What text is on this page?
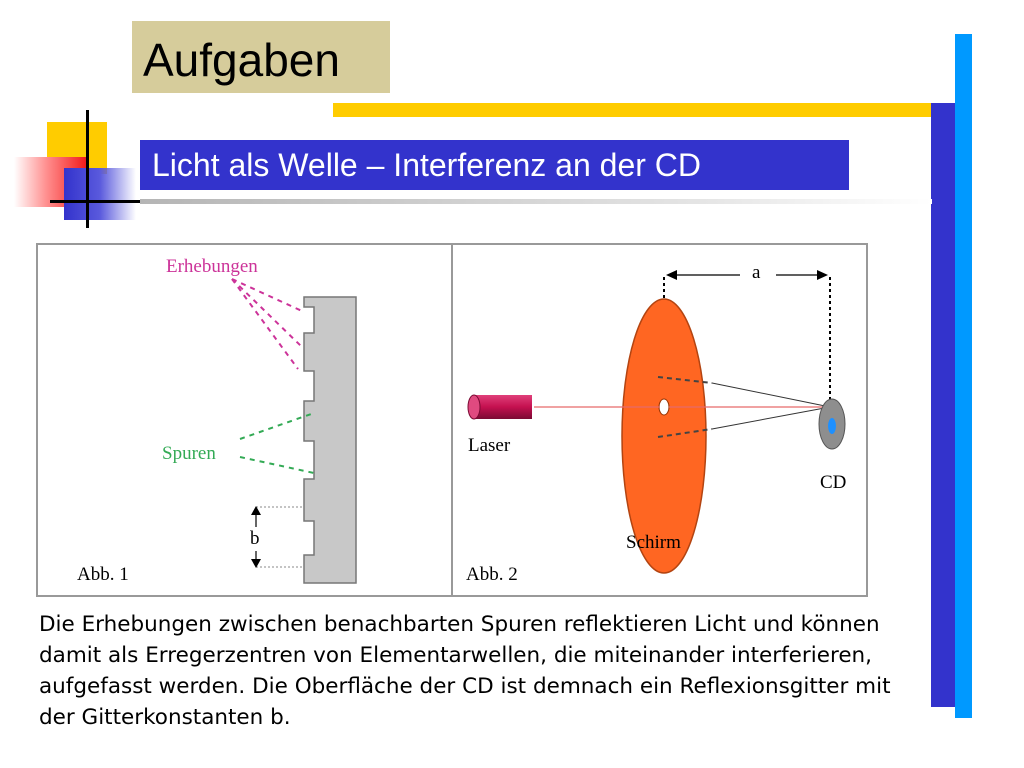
Aufgaben
Licht als Welle – Interferenz an der CD
Erhebungen
Spuren
b
Abb. 1
a
Laser
CD
Schirm
Abb. 2
Die Erhebungen zwischen benachbarten Spuren reflektieren Licht und können damit als Erregerzentren von Elementarwellen, die miteinander interferieren, aufgefasst werden. Die Oberfläche der CD ist demnach ein Reflexionsgitter mit der Gitterkonstanten b.
